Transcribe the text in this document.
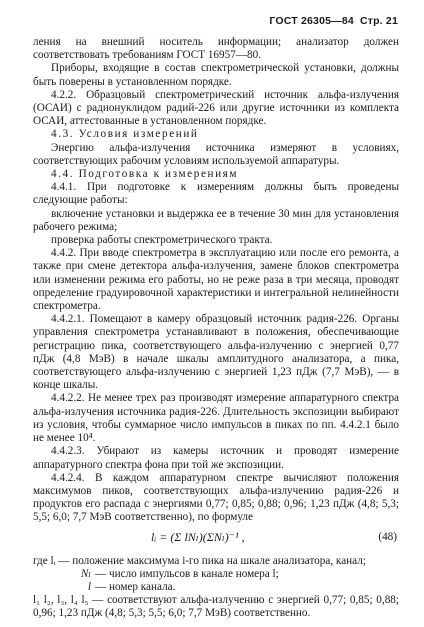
ГОСТ 26305—84 Стр. 21

ления на внешний носитель информации; анализатор должен соответствовать требованиям ГОСТ 16957—80.

Приборы, входящие в состав спектрометрической установки, должны быть поверены в установленном порядке.

4.2.2. Образцовый спектрометрический источник альфа-излучения (ОСАИ) с радионуклидом радий-226 или другие источники из комплекта ОСАИ, аттестованные в установленном порядке.

4.3. Условия измерений

Энергию альфа-излучения источника измеряют в условиях, соответствующих рабочим условиям используемой аппаратуры.

4.4. Подготовка к измерениям

4.4.1. При подготовке к измерениям должны быть проведены следующие работы:

включение установки и выдержка ее в течение 30 мин для установления рабочего режима;

проверка работы спектрометрического тракта.

4.4.2. При вводе спектрометра в эксплуатацию или после его ремонта, а также при смене детектора альфа-излучения, замене блоков спектрометра или изменении режима его работы, но не реже раза в три месяца, проводят определение градуировочной характеристики и интегральной нелинейности спектрометра.

4.4.2.1. Помещают в камеру образцовый источник радия-226. Органы управления спектрометра устанавливают в положения, обеспечивающие регистрацию пика, соответствующего альфа-излучению с энергией 0,77 пДж (4,8 МэВ) в начале шкалы амплитудного анализатора, а пика, соответствующего альфа-излучению с энергией 1,23 пДж (7,7 МэВ), — в конце шкалы.

4.4.2.2. Не менее трех раз производят измерение аппаратурного спектра альфа-излучения источника радия-226. Длительность экспозиции выбирают из условия, чтобы суммарное число импульсов в пиках по пп. 4.4.2.1 было не менее 10⁴.

4.4.2.3. Убирают из камеры источник и проводят измерение аппаратурного спектра фона при той же экспозиции.

4.4.2.4. В каждом аппаратурном спектре вычисляют положения максимумов пиков, соответствующих альфа-излучению радия-226 и продуктов его распада с энергиями 0,77; 0,85; 0,88; 0,96; 1,23 пДж (4,8; 5,3; 5,5; 6,0; 7,7 МэВ соответственно), по формуле

lᵢ = (Σ lNₗ)(ΣNₗ)⁻¹ ,	(48)

где lᵢ — положение максимума i-го пика на шкале анализатора, канал;

Nₗ — число импульсов в канале номера l;
l — номер канала.

l₁ l₂, l₃, l₄ l₅ — соответствуют альфа-излучению с энергией 0,77; 0,85; 0,88; 0,96; 1,23 пДж (4,8; 5,3; 5,5; 6,0; 7,7 МэВ) соответственно.
